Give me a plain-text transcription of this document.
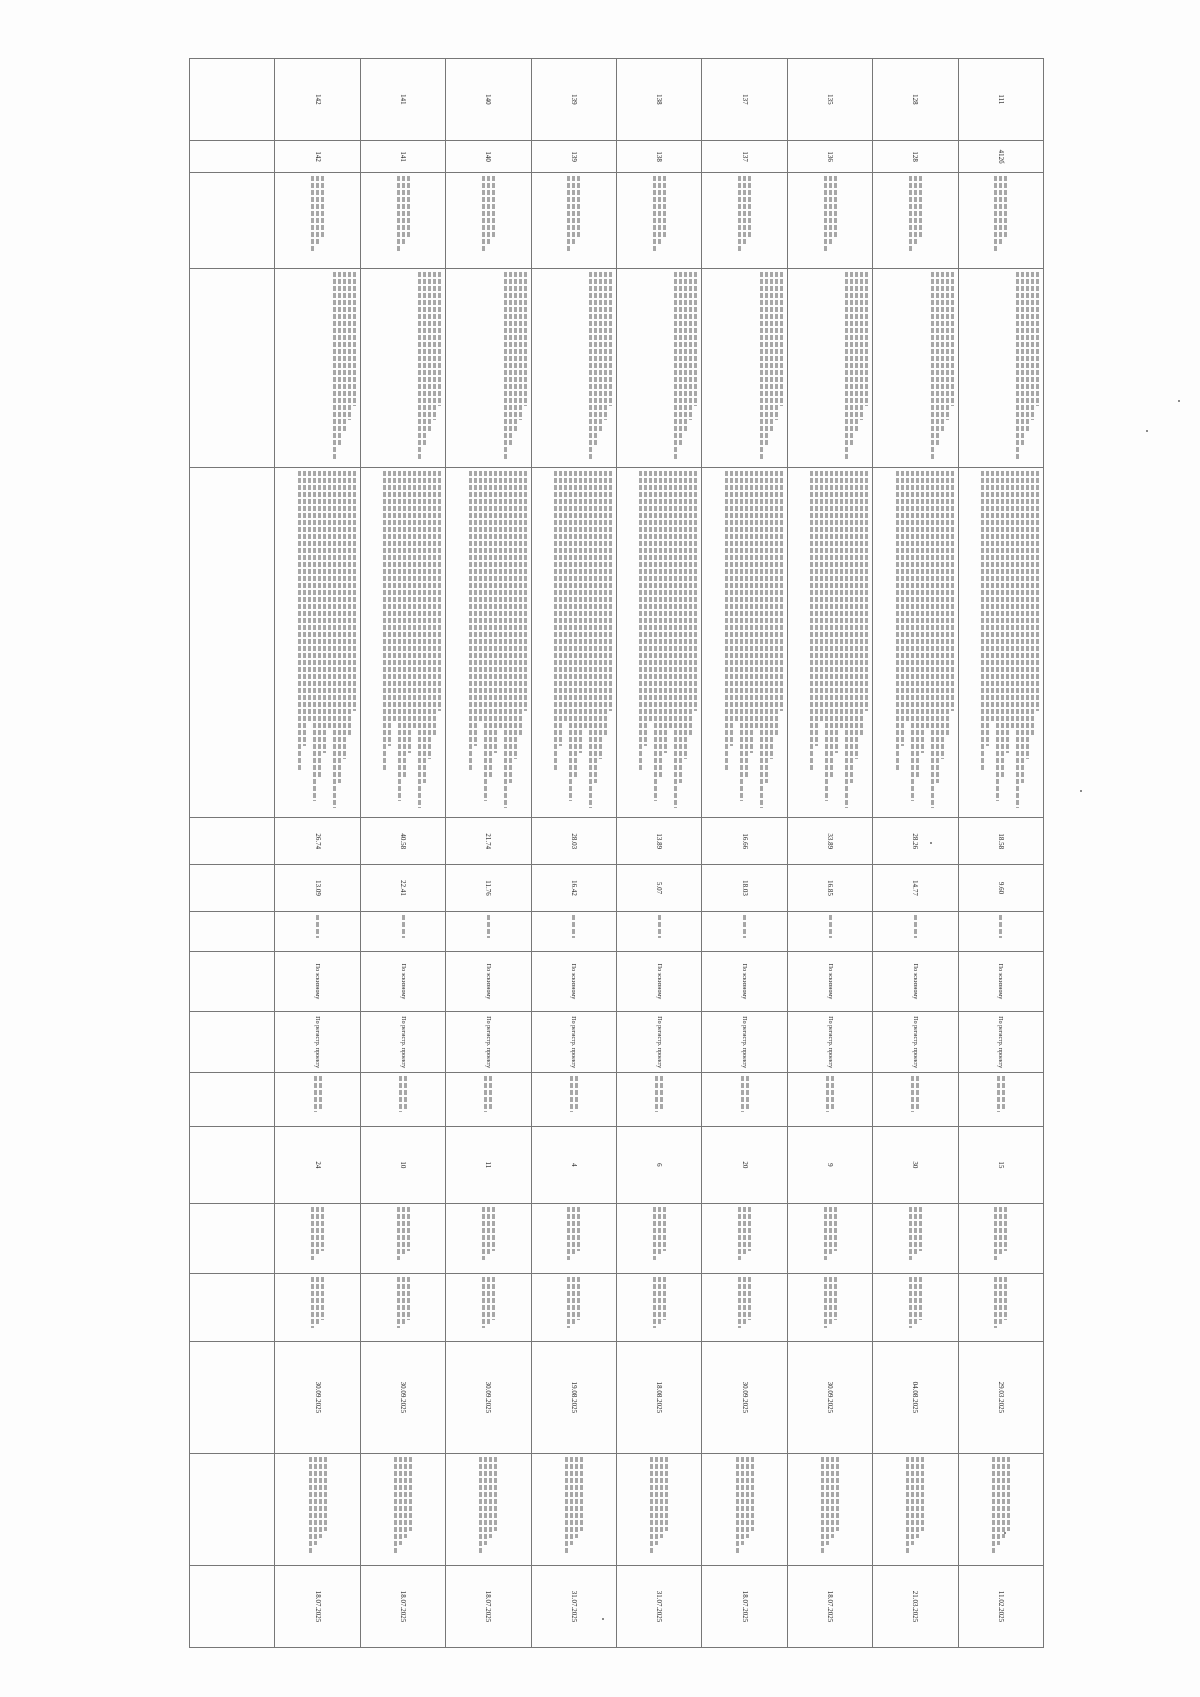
111	412б				18.58	9.60		По эскизному	По регистр. проекту		15			29.03.2025		11.02.2025
128	128				28.26	14.77		По эскизному	По регистр. проекту		30			04.08.2025		21.03.2025
135	136				33.89	16.85		По эскизному	По регистр. проекту		9			30.09.2025		18.07.2025
137	137				16.66	18.03		По эскизному	По регистр. проекту		20			30.09.2025		18.07.2025
138	138				13.89	5.07		По эскизному	По регистр. проекту		6			18.08.2025		31.07.2025
139	139				28.03	16.42		По эскизному	По регистр. проекту		4			19.08.2025		31.07.2025
140	140				21.74	11.76		По эскизному	По регистр. проекту		11			30.09.2025		18.07.2025
141	141				40.58	22.41		По эскизному	По регистр. проекту		10			30.09.2025		18.07.2025
142	142				26.74	13.09		По эскизному	По регистр. проекту		24			30.09.2025		18.07.2025
